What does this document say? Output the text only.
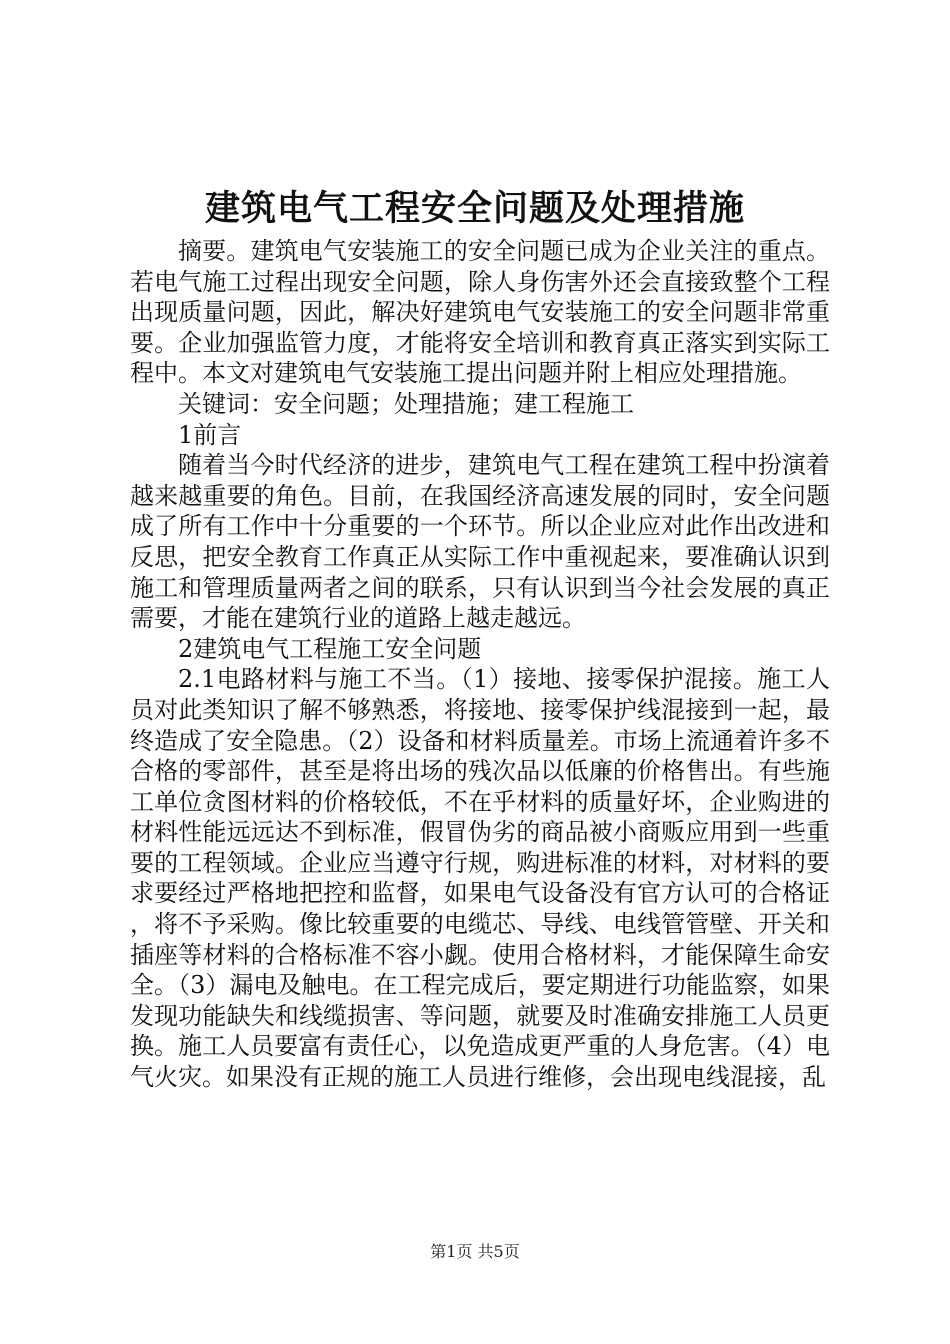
建筑电气工程安全问题及处理措施

摘要。建筑电气安装施工的安全问题已成为企业关注的重点。若电气施工过程出现安全问题，除人身伤害外还会直接致整个工程出现质量问题，因此，解决好建筑电气安装施工的安全问题非常重要。企业加强监管力度，才能将安全培训和教育真正落实到实际工程中。本文对建筑电气安装施工提出问题并附上相应处理措施。

关键词：安全问题；处理措施；建工程施工

1前言

随着当今时代经济的进步，建筑电气工程在建筑工程中扮演着越来越重要的角色。目前，在我国经济高速发展的同时，安全问题成了所有工作中十分重要的一个环节。所以企业应对此作出改进和反思，把安全教育工作真正从实际工作中重视起来，要准确认识到施工和管理质量两者之间的联系，只有认识到当今社会发展的真正需要，才能在建筑行业的道路上越走越远。

2建筑电气工程施工安全问题

2.1电路材料与施工不当。（1）接地、接零保护混接。施工人员对此类知识了解不够熟悉，将接地、接零保护线混接到一起，最终造成了安全隐患。（2）设备和材料质量差。市场上流通着许多不合格的零部件，甚至是将出场的残次品以低廉的价格售出。有些施工单位贪图材料的价格较低，不在乎材料的质量好坏，企业购进的材料性能远远达不到标准，假冒伪劣的商品被小商贩应用到一些重要的工程领域。企业应当遵守行规，购进标准的材料，对材料的要求要经过严格地把控和监督，如果电气设备没有官方认可的合格证，将不予采购。像比较重要的电缆芯、导线、电线管管壁、开关和插座等材料的合格标准不容小觑。使用合格材料，才能保障生命安全。（3）漏电及触电。在工程完成后，要定期进行功能监察，如果发现功能缺失和线缆损害、等问题，就要及时准确安排施工人员更换。施工人员要富有责任心，以免造成更严重的人身危害。（4）电气火灾。如果没有正规的施工人员进行维修，会出现电线混接，乱

第1页 共5页
